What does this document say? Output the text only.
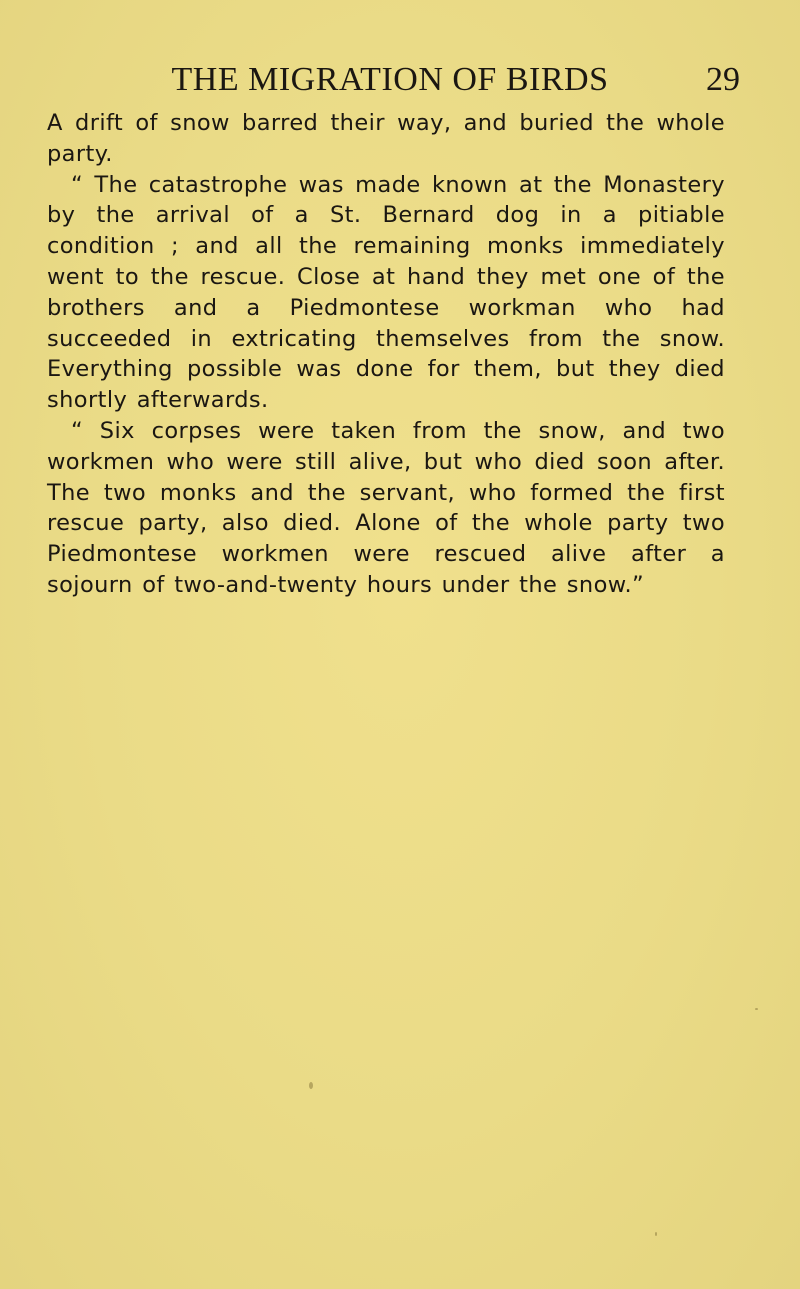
THE MIGRATION OF BIRDS	29

A drift of snow barred their way, and buried the whole party.

“ The catastrophe was made known at the Monastery by the arrival of a St. Bernard dog in a pitiable condition ; and all the remaining monks immediately went to the rescue. Close at hand they met one of the brothers and a Piedmontese workman who had succeeded in extricating themselves from the snow. Everything possible was done for them, but they died shortly afterwards.

“ Six corpses were taken from the snow, and two workmen who were still alive, but who died soon after. The two monks and the servant, who formed the first rescue party, also died. Alone of the whole party two Piedmontese workmen were rescued alive after a sojourn of two-and-twenty hours under the snow.”
